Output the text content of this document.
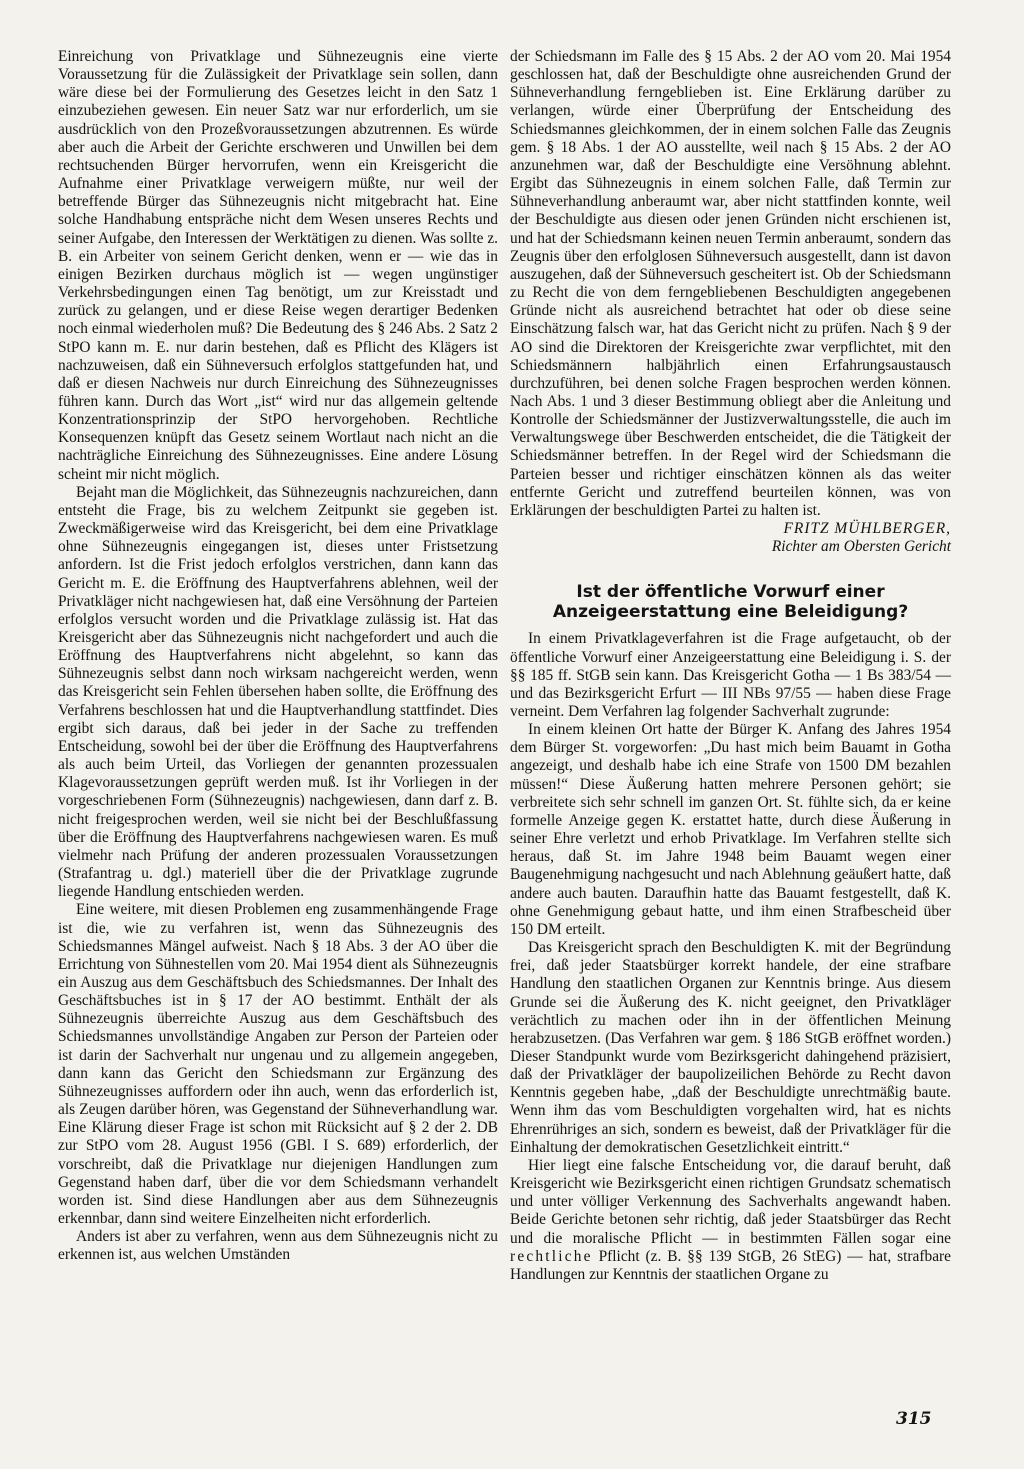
Einreichung von Privatklage und Sühnezeugnis eine vierte Voraussetzung für die Zulässigkeit der Privatklage sein sollen, dann wäre diese bei der Formulierung des Gesetzes leicht in den Satz 1 einzubeziehen gewesen. Ein neuer Satz war nur erforderlich, um sie ausdrücklich von den Prozeßvoraussetzungen abzutrennen. Es würde aber auch die Arbeit der Gerichte erschweren und Unwillen bei dem rechtsuchenden Bürger hervorrufen, wenn ein Kreisgericht die Aufnahme einer Privatklage verweigern müßte, nur weil der betreffende Bürger das Sühnezeugnis nicht mitgebracht hat. Eine solche Handhabung entspräche nicht dem Wesen unseres Rechts und seiner Aufgabe, den Interessen der Werktätigen zu dienen. Was sollte z. B. ein Arbeiter von seinem Gericht denken, wenn er — wie das in einigen Bezirken durchaus möglich ist — wegen ungünstiger Verkehrsbedingungen einen Tag benötigt, um zur Kreisstadt und zurück zu gelangen, und er diese Reise wegen derartiger Bedenken noch einmal wiederholen muß? Die Bedeutung des § 246 Abs. 2 Satz 2 StPO kann m. E. nur darin bestehen, daß es Pflicht des Klägers ist nachzuweisen, daß ein Sühneversuch erfolglos stattgefunden hat, und daß er diesen Nachweis nur durch Einreichung des Sühnezeugnisses führen kann. Durch das Wort „ist“ wird nur das allgemein geltende Konzentrationsprinzip der StPO hervorgehoben. Rechtliche Konsequenzen knüpft das Gesetz seinem Wortlaut nach nicht an die nachträgliche Einreichung des Sühnezeugnisses. Eine andere Lösung scheint mir nicht möglich.

Bejaht man die Möglichkeit, das Sühnezeugnis nachzureichen, dann entsteht die Frage, bis zu welchem Zeitpunkt sie gegeben ist. Zweckmäßigerweise wird das Kreisgericht, bei dem eine Privatklage ohne Sühnezeugnis eingegangen ist, dieses unter Fristsetzung anfordern. Ist die Frist jedoch erfolglos verstrichen, dann kann das Gericht m. E. die Eröffnung des Hauptverfahrens ablehnen, weil der Privatkläger nicht nachgewiesen hat, daß eine Versöhnung der Parteien erfolglos versucht worden und die Privatklage zulässig ist. Hat das Kreisgericht aber das Sühnezeugnis nicht nachgefordert und auch die Eröffnung des Hauptverfahrens nicht abgelehnt, so kann das Sühnezeugnis selbst dann noch wirksam nachgereicht werden, wenn das Kreisgericht sein Fehlen übersehen haben sollte, die Eröffnung des Verfahrens beschlossen hat und die Hauptverhandlung stattfindet. Dies ergibt sich daraus, daß bei jeder in der Sache zu treffenden Entscheidung, sowohl bei der über die Eröffnung des Hauptverfahrens als auch beim Urteil, das Vorliegen der genannten prozessualen Klagevoraussetzungen geprüft werden muß. Ist ihr Vorliegen in der vorgeschriebenen Form (Sühnezeugnis) nachgewiesen, dann darf z. B. nicht freigesprochen werden, weil sie nicht bei der Beschlußfassung über die Eröffnung des Hauptverfahrens nachgewiesen waren. Es muß vielmehr nach Prüfung der anderen prozessualen Voraussetzungen (Strafantrag u. dgl.) materiell über die der Privatklage zugrunde liegende Handlung entschieden werden.

Eine weitere, mit diesen Problemen eng zusammenhängende Frage ist die, wie zu verfahren ist, wenn das Sühnezeugnis des Schiedsmannes Mängel aufweist. Nach § 18 Abs. 3 der AO über die Errichtung von Sühnestellen vom 20. Mai 1954 dient als Sühnezeugnis ein Auszug aus dem Geschäftsbuch des Schiedsmannes. Der Inhalt des Geschäftsbuches ist in § 17 der AO bestimmt. Enthält der als Sühnezeugnis überreichte Auszug aus dem Geschäftsbuch des Schiedsmannes unvollständige Angaben zur Person der Parteien oder ist darin der Sachverhalt nur ungenau und zu allgemein angegeben, dann kann das Gericht den Schiedsmann zur Ergänzung des Sühnezeugnisses auffordern oder ihn auch, wenn das erforderlich ist, als Zeugen darüber hören, was Gegenstand der Sühneverhandlung war. Eine Klärung dieser Frage ist schon mit Rücksicht auf § 2 der 2. DB zur StPO vom 28. August 1956 (GBl. I S. 689) erforderlich, der vorschreibt, daß die Privatklage nur diejenigen Handlungen zum Gegenstand haben darf, über die vor dem Schiedsmann verhandelt worden ist. Sind diese Handlungen aber aus dem Sühnezeugnis erkennbar, dann sind weitere Einzelheiten nicht erforderlich.

Anders ist aber zu verfahren, wenn aus dem Sühnezeugnis nicht zu erkennen ist, aus welchen Umständen

der Schiedsmann im Falle des § 15 Abs. 2 der AO vom 20. Mai 1954 geschlossen hat, daß der Beschuldigte ohne ausreichenden Grund der Sühneverhandlung ferngeblieben ist. Eine Erklärung darüber zu verlangen, würde einer Überprüfung der Entscheidung des Schiedsmannes gleichkommen, der in einem solchen Falle das Zeugnis gem. § 18 Abs. 1 der AO ausstellte, weil nach § 15 Abs. 2 der AO anzunehmen war, daß der Beschuldigte eine Versöhnung ablehnt. Ergibt das Sühnezeugnis in einem solchen Falle, daß Termin zur Sühneverhandlung anberaumt war, aber nicht stattfinden konnte, weil der Beschuldigte aus diesen oder jenen Gründen nicht erschienen ist, und hat der Schiedsmann keinen neuen Termin anberaumt, sondern das Zeugnis über den erfolglosen Sühneversuch ausgestellt, dann ist davon auszugehen, daß der Sühneversuch gescheitert ist. Ob der Schiedsmann zu Recht die von dem ferngebliebenen Beschuldigten angegebenen Gründe nicht als ausreichend betrachtet hat oder ob diese seine Einschätzung falsch war, hat das Gericht nicht zu prüfen. Nach § 9 der AO sind die Direktoren der Kreisgerichte zwar verpflichtet, mit den Schiedsmännern halbjährlich einen Erfahrungsaustausch durchzuführen, bei denen solche Fragen besprochen werden können. Nach Abs. 1 und 3 dieser Bestimmung obliegt aber die Anleitung und Kontrolle der Schiedsmänner der Justizverwaltungsstelle, die auch im Verwaltungswege über Beschwerden entscheidet, die die Tätigkeit der Schiedsmänner betreffen. In der Regel wird der Schiedsmann die Parteien besser und richtiger einschätzen können als das weiter entfernte Gericht und zutreffend beurteilen können, was von Erklärungen der beschuldigten Partei zu halten ist.

FRITZ MÜHLBERGER,

Richter am Obersten Gericht

Ist der öffentliche Vorwurf einer
Anzeigeerstattung eine Beleidigung?

In einem Privatklageverfahren ist die Frage aufgetaucht, ob der öffentliche Vorwurf einer Anzeigeerstattung eine Beleidigung i. S. der §§ 185 ff. StGB sein kann. Das Kreisgericht Gotha — 1 Bs 383/54 — und das Bezirksgericht Erfurt — III NBs 97/55 — haben diese Frage verneint. Dem Verfahren lag folgender Sachverhalt zugrunde:

In einem kleinen Ort hatte der Bürger K. Anfang des Jahres 1954 dem Bürger St. vorgeworfen: „Du hast mich beim Bauamt in Gotha angezeigt, und deshalb habe ich eine Strafe von 1500 DM bezahlen müssen!“ Diese Äußerung hatten mehrere Personen gehört; sie verbreitete sich sehr schnell im ganzen Ort. St. fühlte sich, da er keine formelle Anzeige gegen K. erstattet hatte, durch diese Äußerung in seiner Ehre verletzt und erhob Privatklage. Im Verfahren stellte sich heraus, daß St. im Jahre 1948 beim Bauamt wegen einer Baugenehmigung nachgesucht und nach Ablehnung geäußert hatte, daß andere auch bauten. Daraufhin hatte das Bauamt festgestellt, daß K. ohne Genehmigung gebaut hatte, und ihm einen Strafbescheid über 150 DM erteilt.

Das Kreisgericht sprach den Beschuldigten K. mit der Begründung frei, daß jeder Staatsbürger korrekt handele, der eine strafbare Handlung den staatlichen Organen zur Kenntnis bringe. Aus diesem Grunde sei die Äußerung des K. nicht geeignet, den Privatkläger verächtlich zu machen oder ihn in der öffentlichen Meinung herabzusetzen. (Das Verfahren war gem. § 186 StGB eröffnet worden.) Dieser Standpunkt wurde vom Bezirksgericht dahingehend präzisiert, daß der Privatkläger der baupolizeilichen Behörde zu Recht davon Kenntnis gegeben habe, „daß der Beschuldigte unrechtmäßig baute. Wenn ihm das vom Beschuldigten vorgehalten wird, hat es nichts Ehrenrühriges an sich, sondern es beweist, daß der Privatkläger für die Einhaltung der demokratischen Gesetzlichkeit eintritt.“

Hier liegt eine falsche Entscheidung vor, die darauf beruht, daß Kreisgericht wie Bezirksgericht einen richtigen Grundsatz schematisch und unter völliger Verkennung des Sachverhalts angewandt haben. Beide Gerichte betonen sehr richtig, daß jeder Staatsbürger das Recht und die moralische Pflicht — in bestimmten Fällen sogar eine rechtliche Pflicht (z. B. §§ 139 StGB, 26 StEG) — hat, strafbare Handlungen zur Kenntnis der staatlichen Organe zu

315
